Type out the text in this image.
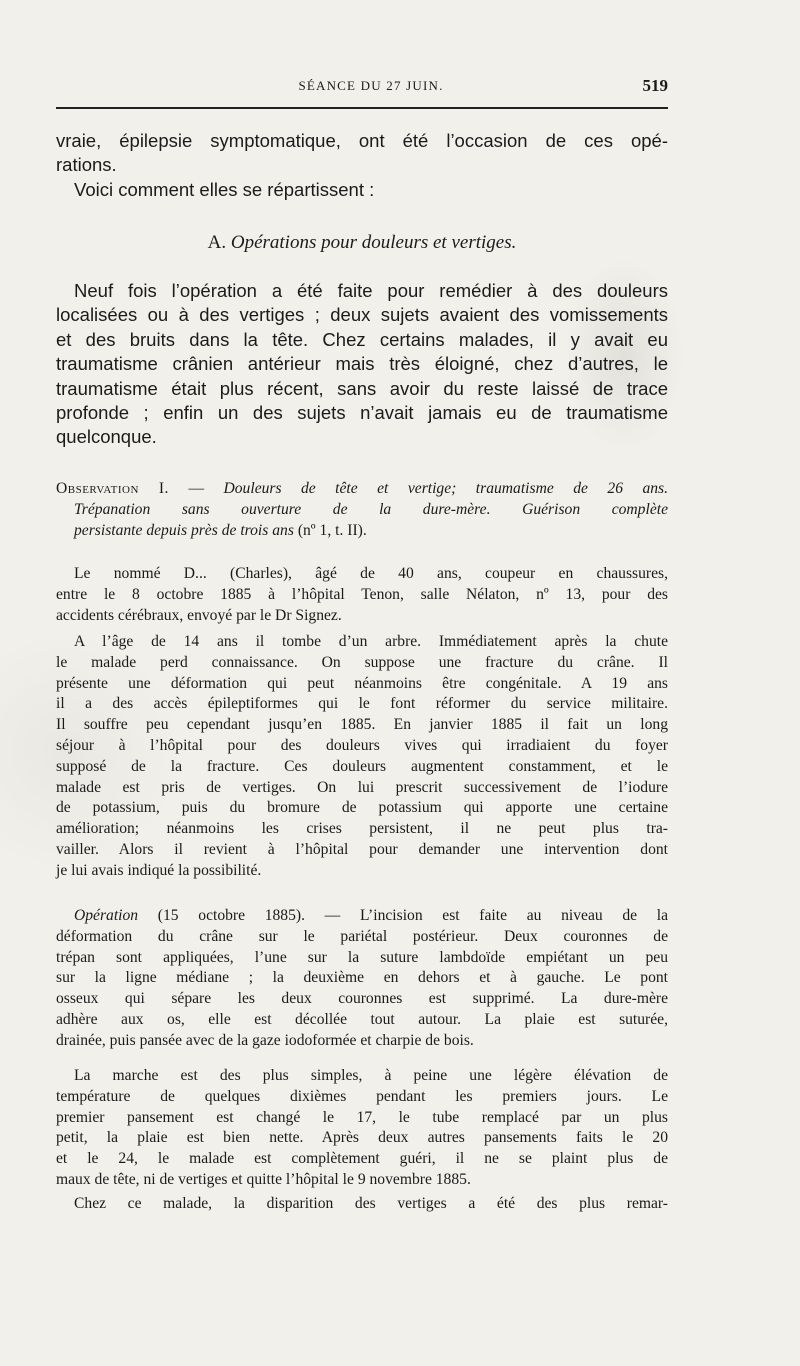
SÉANCE DU 27 JUIN.	519
vraie, épilepsie symptomatique, ont été l’occasion de ces opé-
rations.
Voici comment elles se répartissent :
A. Opérations pour douleurs et vertiges.
Neuf fois l’opération a été faite pour remédier à des douleurs
localisées ou à des vertiges ; deux sujets avaient des vomissements
et des bruits dans la tête. Chez certains malades, il y avait eu
traumatisme crânien antérieur mais très éloigné, chez d’autres, le
traumatisme était plus récent, sans avoir du reste laissé de trace
profonde ; enfin un des sujets n’avait jamais eu de traumatisme
quelconque.
Observation I. — Douleurs de tête et vertige; traumatisme de 26 ans.
Trépanation sans ouverture de la dure-mère. Guérison complète
persistante depuis près de trois ans (nº 1, t. II).
Le nommé D... (Charles), âgé de 40 ans, coupeur en chaussures,
entre le 8 octobre 1885 à l’hôpital Tenon, salle Nélaton, nº 13, pour des
accidents cérébraux, envoyé par le Dr Signez.
A l’âge de 14 ans il tombe d’un arbre. Immédiatement après la chute
le malade perd connaissance. On suppose une fracture du crâne. Il
présente une déformation qui peut néanmoins être congénitale. A 19 ans
il a des accès épileptiformes qui le font réformer du service militaire.
Il souffre peu cependant jusqu’en 1885. En janvier 1885 il fait un long
séjour à l’hôpital pour des douleurs vives qui irradiaient du foyer
supposé de la fracture. Ces douleurs augmentent constamment, et le
malade est pris de vertiges. On lui prescrit successivement de l’iodure
de potassium, puis du bromure de potassium qui apporte une certaine
amélioration; néanmoins les crises persistent, il ne peut plus tra-
vailler. Alors il revient à l’hôpital pour demander une intervention dont
je lui avais indiqué la possibilité.
Opération (15 octobre 1885). — L’incision est faite au niveau de la
déformation du crâne sur le pariétal postérieur. Deux couronnes de
trépan sont appliquées, l’une sur la suture lambdoïde empiétant un peu
sur la ligne médiane ; la deuxième en dehors et à gauche. Le pont
osseux qui sépare les deux couronnes est supprimé. La dure-mère
adhère aux os, elle est décollée tout autour. La plaie est suturée,
drainée, puis pansée avec de la gaze iodoformée et charpie de bois.
La marche est des plus simples, à peine une légère élévation de
température de quelques dixièmes pendant les premiers jours. Le
premier pansement est changé le 17, le tube remplacé par un plus
petit, la plaie est bien nette. Après deux autres pansements faits le 20
et le 24, le malade est complètement guéri, il ne se plaint plus de
maux de tête, ni de vertiges et quitte l’hôpital le 9 novembre 1885.
Chez ce malade, la disparition des vertiges a été des plus remar-
